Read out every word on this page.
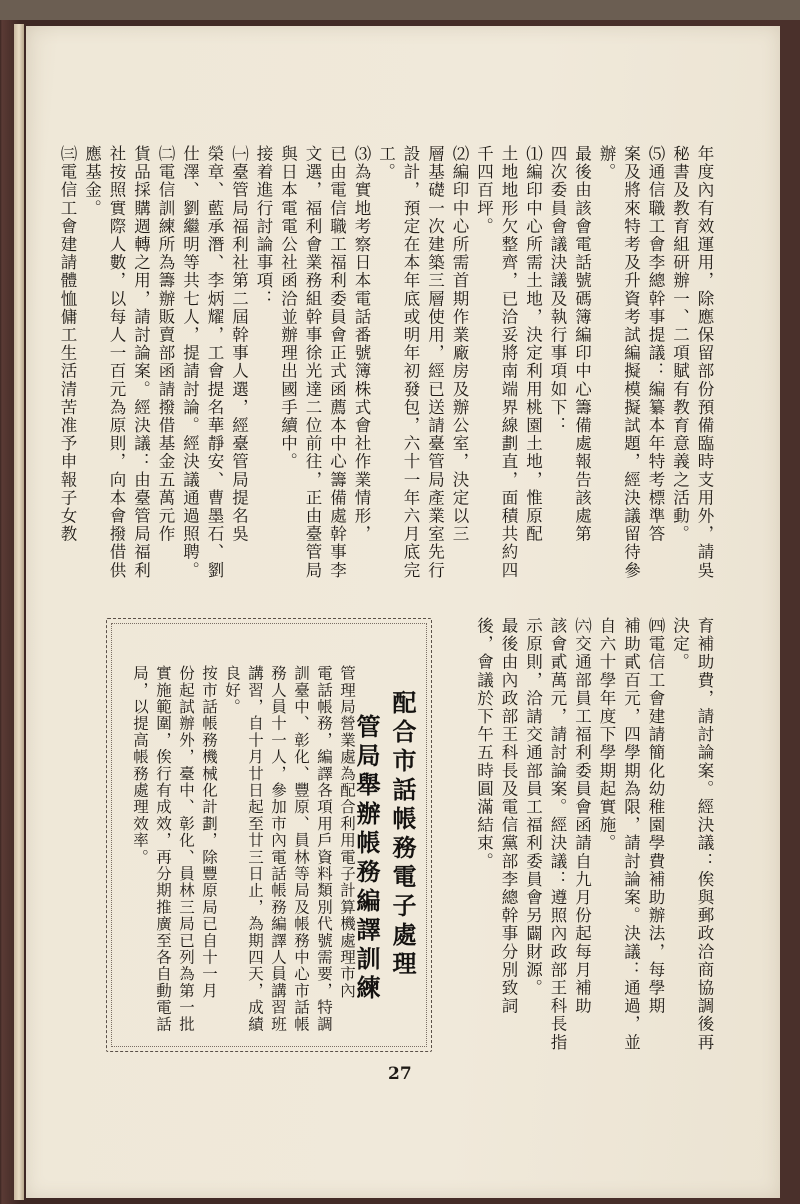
年度內有效運用，除應保留部份預備臨時支用外，請吳
秘書及教育組研辦一、二項賦有教育意義之活動。
⑸通信職工會李總幹事提議：編纂本年特考標準答
案及將來特考及升資考試編擬模擬試題，經決議留待參
辦。
最後由該會電話號碼簿編印中心籌備處報告該處第
四次委員會議決議及執行事項如下：
⑴編印中心所需土地，決定利用桃園土地，惟原配
土地地形欠整齊，已洽妥將南端界線劃直，面積共約四
千四百坪。
⑵編印中心所需首期作業廠房及辦公室，決定以三
層基礎一次建築三層使用，經已送請臺管局產業室先行
設計，預定在本年底或明年初發包，六十一年六月底完
工。
⑶為實地考察日本電話番號簿株式會社作業情形，
已由電信職工福利委員會正式函薦本中心籌備處幹事李
文選，福利會業務組幹事徐光達二位前往，正由臺管局
與日本電電公社函洽並辦理出國手續中。
接着進行討論事項：
㈠臺管局福利社第二屆幹事人選，經臺管局提名吳
榮章、藍承潛、李炳耀，工會提名華靜安、曹墨石、劉
仕澤、劉繼明等共七人，提請討論。經決議通過照聘。
㈡電信訓練所為籌辦販賣部函請撥借基金五萬元作
貨品採購週轉之用，請討論案。經決議：由臺管局福利
社按照實際人數，以每人一百元為原則，向本會撥借供
應基金。
㈢電信工會建請體恤傭工生活清苦准予申報子女教
育補助費，請討論案。經決議：俟與郵政洽商協調後再
決定。
㈣電信工會建請簡化幼稚園學費補助辦法，每學期
補助貳百元，四學期為限，請討論案。決議：通過，並
自六十學年度下學期起實施。
㈥交通部員工福利委員會函請自九月份起每月補助
該會貳萬元，請討論案。經決議：遵照內政部王科長指
示原則，洽請交通部員工福利委員會另闢財源。
最後由內政部王科長及電信黨部李總幹事分別致詞
後，會議於下午五時圓滿結束。
配合市話帳務電子處理
管局舉辦帳務編譯訓練
管理局營業處為配合利用電子計算機處理市內
電話帳務，編譯各項用戶資料類別代號需要，特調
訓臺中、彰化、豐原、員林等局及帳務中心市話帳
務人員十一人，參加市內電話帳務編譯人員講習班
講習，自十月廿日起至廿三日止，為期四天，成績
良好。
按市話帳務機械化計劃，除豐原局已自十一月
份起試辦外，臺中、彰化、員林三局已列為第一批
實施範圍，俟行有成效，再分期推廣至各自動電話
局，以提高帳務處理效率。
27
